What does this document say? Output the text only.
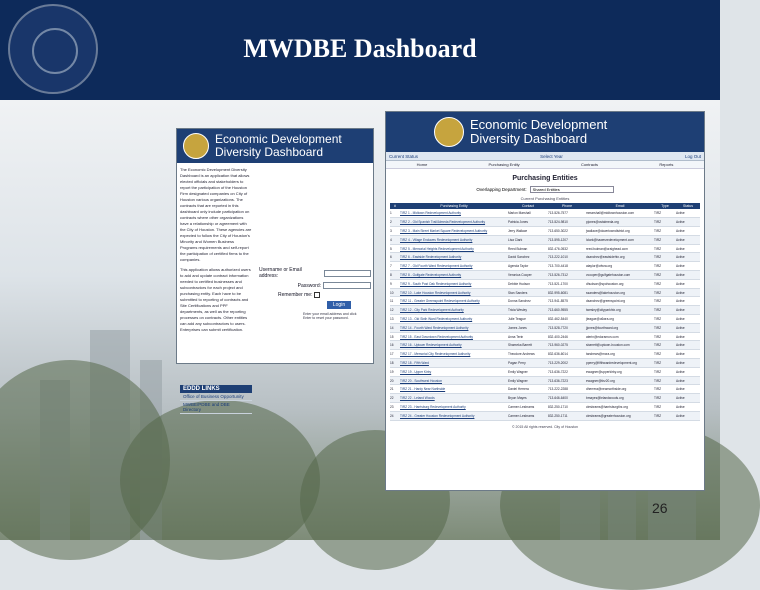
MWDBE Dashboard
Economic Development
Diversity Dashboard
The Economic Development Diversity Dashboard is an application that allows elected officials and stakeholders to report the participation of the Houston Firm designated companies on City of Houston various organizations. The contracts that are reported in this dashboard only include participation on contracts where other organizations have a relationship or agreement with the City of Houston. These agencies are expected to follow the City of Houston's Minority and Women Business Programs requirements and self-report the participation of certified firms to the companies.
This application allows authorized users to add and update contract information needed to certified businesses and subcontractors for each project and purchasing entity. Each have to be submitted to reporting of contracts and Site Certifications and PPF departments, as well as the reporting processes on contracts. Other entities can add any subcontractors to users. Enterprises can submit certification.
Username or Email address:
Password:
Remember me:
Login
Enter your email address and click Enter to reset your password.
EDDD LINKS
Office of Business Opportunity
MWBE/PDBE and DBE Directory
Economic Development
Diversity Dashboard
Current Status	Select Year	Log Out
Home	Purchasing Entity	Contracts	Reports
Purchasing Entities
Overlapping Department:	Shared Entities
Current Purchasing Entities
#	Purchasing Entity	Contact	Phone	Email	Type	Status
1	TIRZ 1 - Midtown Redevelopment Authority	Marlon Marshall	713-526-7577	mmarshall@midtownhouston.com	TIRZ	Active
2	TIRZ 2 - Old Spanish Trail/Almeda Redevelopment Authority	Patricia Jones	713-524-9810	pjones@ostalmeda.org	TIRZ	Active
3	TIRZ 3 - Main Street Market Square Redevelopment Authority	Jerry Wallace	713-650-3022	jwallace@downtowndistrict.org	TIRZ	Active
4	TIRZ 4 - Village Enclaves Redevelopment Authority	Lisa Clark	713-595-1207	lclark@hawesredevelopment.com	TIRZ	Active
5	TIRZ 5 - Memorial Heights Redevelopment Authority	Reed Bulman	832-476-0532	reed.bulman@craighead.com	TIRZ	Active
6	TIRZ 6 - Eastside Redevelopment Authority	David Sanchez	713-222-1010	dsanchez@eastsidehtx.org	TIRZ	Active
7	TIRZ 7 - Old Fourth Ward Redevelopment Authority	Agenda Taylor	713-700-4418	ataylor@ofwra.org	TIRZ	Active
8	TIRZ 8 - Gulfgate Redevelopment Authority	Veronica Cooper	713-526-7312	vcooper@gulfgatehouston.com	TIRZ	Active
9	TIRZ 9 - South Post Oak Redevelopment Authority	Debbie Hudson	713-521-1700	dhudson@spohouston.org	TIRZ	Active
10	TIRZ 10 - Lake Houston Redevelopment Authority	Stan Sanders	832-995-6081	ssanders@lakehouston.org	TIRZ	Active
11	TIRZ 11 - Greater Greenspoint Redevelopment Authority	Donna Sanchez	713-941-8575	dsanchez@greenspoint.org	TIRZ	Active
12	TIRZ 12 - City Park Redevelopment Authority	Tricia Wesley	713-660-9555	twesley@cityparkhtx.org	TIRZ	Active
13	TIRZ 13 - Old Sixth Ward Redevelopment Authority	Julie Teague	832-462-5440	jteague@o6wra.org	TIRZ	Active
14	TIRZ 14 - Fourth Ward Redevelopment Authority	Jomes Jones	713-528-7720	jjones@fourthward.org	TIRZ	Active
15	TIRZ 15 - East Downtown Redevelopment Authority	Anna Terin	832-400-2446	aterin@edoramon.com	TIRZ	Active
16	TIRZ 16 - Uptown Redevelopment Authority	Shameka Barrett	713-960-0275	sbarrett@uptown-houston.com	TIRZ	Active
17	TIRZ 17 - Memorial City Redevelopment Authority	Theodore Andrews	832-636-6014	tandrews@mcra.org	TIRZ	Active
18	TIRZ 18 - Fifth Ward	Pagan Perry	713-229-2002	pperry@fifthwardredevelopment.org	TIRZ	Active
19	TIRZ 19 - Upper Kirby	Emily Wagner	713-636-7222	ewagner@upperkirby.org	TIRZ	Active
20	TIRZ 20 - Southwest Houston	Emily Wagner	713-636-7223	ewagner@tirz20.org	TIRZ	Active
21	TIRZ 21 - Hardy Near Northside	Daniel Herrera	713-222-2288	dherrera@nearnorthside.org	TIRZ	Active
22	TIRZ 22 - Leland Woods	Bryon Mayes	713-646-6400	bmayes@lelandwoods.org	TIRZ	Active
23	TIRZ 23 - Harrisburg Redevelopment Authority	Carmen Lesbrams	832-250-1710	clesbrams@harrisburgtirz.org	TIRZ	Active
24	TIRZ 24 - Greater Houston Redevelopment Authority	Carmen Lesbrams	832-250-1711	clesbrams@greaterhouston.org	TIRZ	Active
© 2015 All rights reserved. City of Houston
26
